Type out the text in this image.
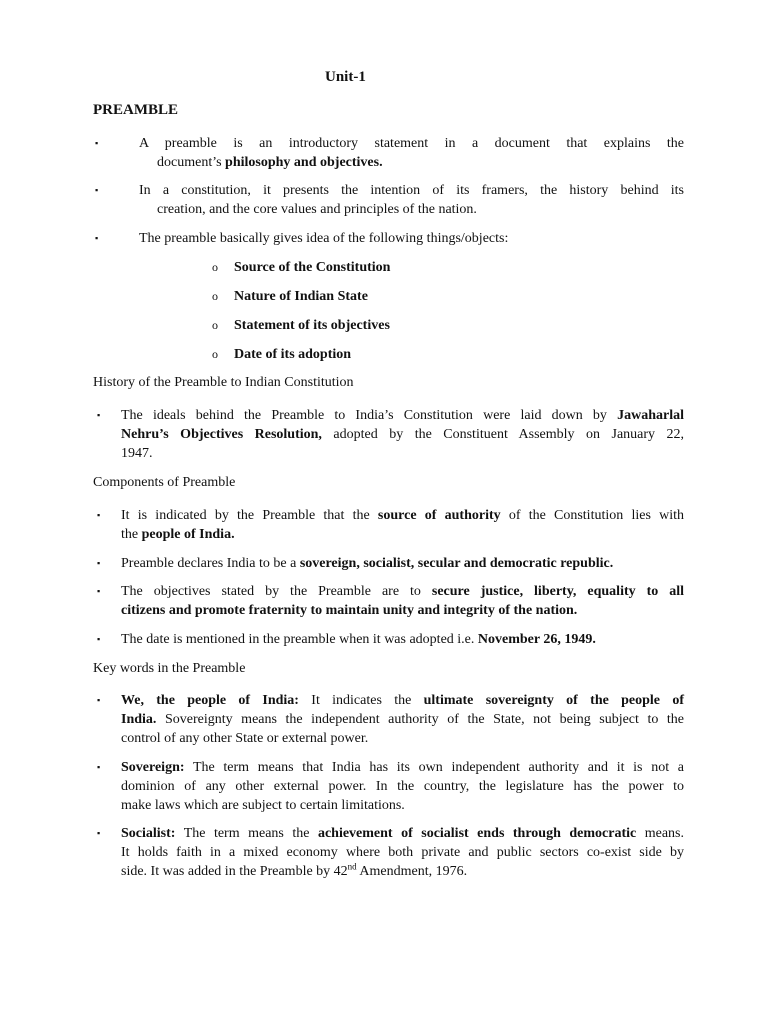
Unit-1
PREAMBLE
▪	A preamble is an introductory statement in a document that explains the
document’s philosophy and objectives.
▪	In a constitution, it presents the intention of its framers, the history behind its
creation, and the core values and principles of the nation.
▪	The preamble basically gives idea of the following things/objects:
o Source of the Constitution
o Nature of Indian State
o Statement of its objectives
o Date of its adoption
History of the Preamble to Indian Constitution
▪ The ideals behind the Preamble to India’s Constitution were laid down by Jawaharlal
Nehru’s Objectives Resolution, adopted by the Constituent Assembly on January 22,
1947.
Components of Preamble
▪ It is indicated by the Preamble that the source of authority of the Constitution lies with
the people of India.
▪ Preamble declares India to be a sovereign, socialist, secular and democratic republic.
▪ The objectives stated by the Preamble are to secure justice, liberty, equality to all
citizens and promote fraternity to maintain unity and integrity of the nation.
▪ The date is mentioned in the preamble when it was adopted i.e. November 26, 1949.
Key words in the Preamble
▪ We, the people of India: It indicates the ultimate sovereignty of the people of
India. Sovereignty means the independent authority of the State, not being subject to the
control of any other State or external power.
▪ Sovereign: The term means that India has its own independent authority and it is not a
dominion of any other external power. In the country, the legislature has the power to
make laws which are subject to certain limitations.
▪ Socialist: The term means the achievement of socialist ends through democratic means.
It holds faith in a mixed economy where both private and public sectors co-exist side by
side. It was added in the Preamble by 42nd Amendment, 1976.
